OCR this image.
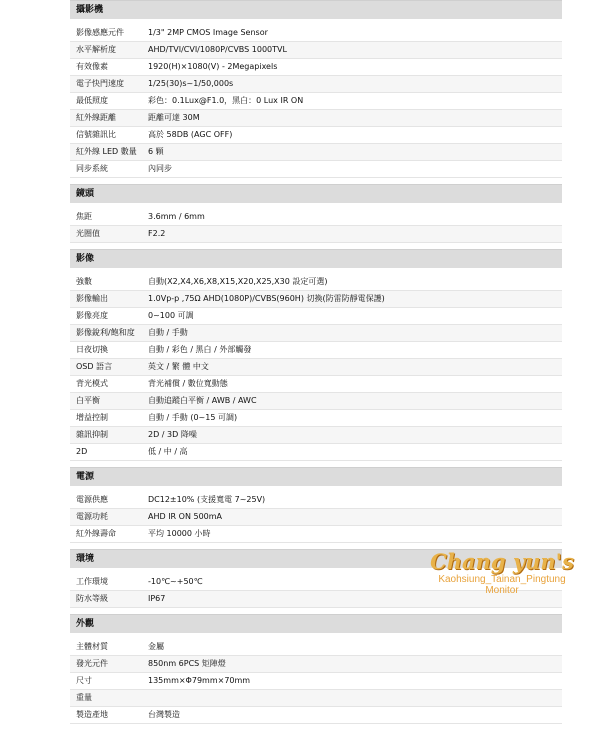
攝影機
影像感應元件	1/3" 2MP CMOS Image Sensor
水平解析度	AHD/TVI/CVI/1080P/CVBS 1000TVL
有效像素	1920(H)×1080(V) - 2Megapixels
電子快門速度	1/25(30)s~1/50,000s
最低照度	彩色：0.1Lux@F1.0，黑白：0 Lux IR ON
紅外線距離	距離可達 30M
信號雜訊比	高於 58DB (AGC OFF)
紅外線 LED 數量	6 顆
同步系統	內同步
鏡頭
焦距	3.6mm / 6mm
光圈值	F2.2
影像
強數	自動(X2,X4,X6,X8,X15,X20,X25,X30 設定可選)
影像輸出	1.0Vp-p ,75Ω AHD(1080P)/CVBS(960H) 切換(防雷防靜電保護)
影像亮度	0~100 可調
影像銳利/飽和度	自動 / 手動
日夜切換	自動 / 彩色 / 黑白 / 外部觸發
OSD 語言	英文 / 繁 體 中文
背光模式	背光補償 / 數位寬動態
白平衡	自動追蹤白平衡 / AWB / AWC
增益控制	自動 / 手動 (0~15 可調)
雜訊抑制	2D / 3D 降噪
2D	低 / 中 / 高
電源
電源供應	DC12±10% (支援寬電 7~25V)
電源功耗	AHD IR ON 500mA
紅外線壽命	平均 10000 小時
環境
工作環境	-10℃~+50℃
防水等級	IP67
外觀
主體材質	金屬
發光元件	850nm 6PCS 矩陣燈
尺寸	135mm×Φ79mm×70mm
重量
製造產地	台灣製造
Chang yun's
Kaohsiung_Tainan_Pingtung
Monitor
